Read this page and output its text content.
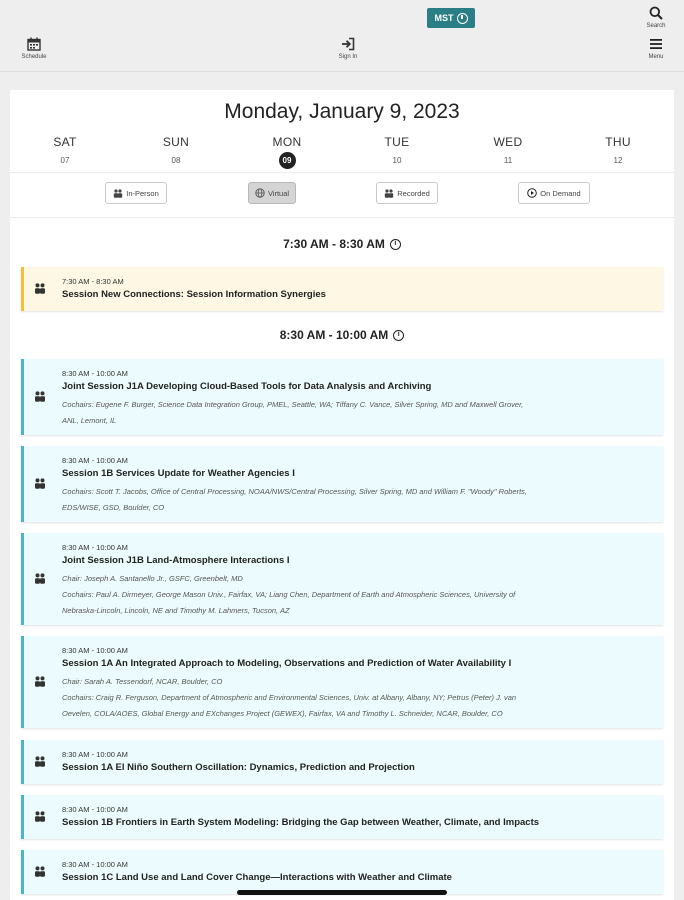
MST
Search
Schedule	Sign In	Menu
Monday, January 9, 2023
SAT
07
SUN
08
MON
09
TUE
10
WED
11
THU
12
In-Person	Virtual	Recorded	On Demand
7:30 AM - 8:30 AM	i
7:30 AM - 8:30 AM
Session New Connections: Session Information Synergies
8:30 AM - 10:00 AM	i
8:30 AM - 10:00 AM
Joint Session J1A Developing Cloud-Based Tools for Data Analysis and Archiving
Cochairs: Eugene F. Burger, Science Data Integration Group, PMEL, Seattle, WA; Tiffany C. Vance, Silver Spring, MD and Maxwell Grover,
ANL, Lemont, IL
8:30 AM - 10:00 AM
Session 1B Services Update for Weather Agencies I
Cochairs: Scott T. Jacobs, Office of Central Processing, NOAA/NWS/Central Processing, Silver Spring, MD and William F. "Woody" Roberts,
EDS/WISE, GSD, Boulder, CO
8:30 AM - 10:00 AM
Joint Session J1B Land-Atmosphere Interactions I
Chair: Joseph A. Santanello Jr., GSFC, Greenbelt, MD
Cochairs: Paul A. Dirmeyer, George Mason Univ., Fairfax, VA; Liang Chen, Department of Earth and Atmospheric Sciences, University of
Nebraska-Lincoln, Lincoln, NE and Timothy M. Lahmers, Tucson, AZ
8:30 AM - 10:00 AM
Session 1A An Integrated Approach to Modeling, Observations and Prediction of Water Availability I
Chair: Sarah A. Tessendorf, NCAR, Boulder, CO
Cochairs: Craig R. Ferguson, Department of Atmospheric and Environmental Sciences, Univ. at Albany, Albany, NY; Petrus (Peter) J. van
Oevelen, COLA/AOES, Global Energy and EXchanges Project (GEWEX), Fairfax, VA and Timothy L. Schneider, NCAR, Boulder, CO
8:30 AM - 10:00 AM
Session 1A El Niño Southern Oscillation: Dynamics, Prediction and Projection
8:30 AM - 10:00 AM
Session 1B Frontiers in Earth System Modeling: Bridging the Gap between Weather, Climate, and Impacts
8:30 AM - 10:00 AM
Session 1C Land Use and Land Cover Change—Interactions with Weather and Climate
